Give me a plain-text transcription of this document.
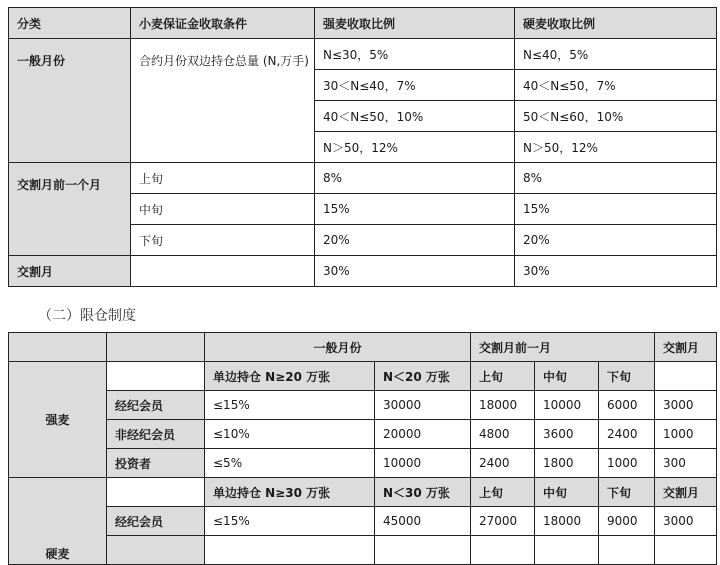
分类	小麦保证金收取条件	强麦收取比例	硬麦收取比例
一般月份	合约月份双边持仓总量 (N,万手)	N≤30，5%	N≤40，5%
		30＜N≤40，7%	40＜N≤50，7%
		40＜N≤50，10%	50＜N≤60，10%
		N＞50，12%	N＞50，12%
交割月前一个月	上旬	8%	8%
	中旬	15%	15%
	下旬	20%	20%
交割月		30%	30%
（二）限仓制度
		一般月份		交割月前一月			交割月
强麦		单边持仓 N≥20 万张	N＜20 万张	上旬	中旬	下旬	
	经纪会员	≤15%	30000	18000	10000	6000	3000
	非经纪会员	≤10%	20000	4800	3600	2400	1000
	投资者	≤5%	10000	2400	1800	1000	300
硬麦		单边持仓 N≥30 万张	N＜30 万张	上旬	中旬	下旬	交割月
	经纪会员	≤15%	45000	27000	18000	9000	3000
